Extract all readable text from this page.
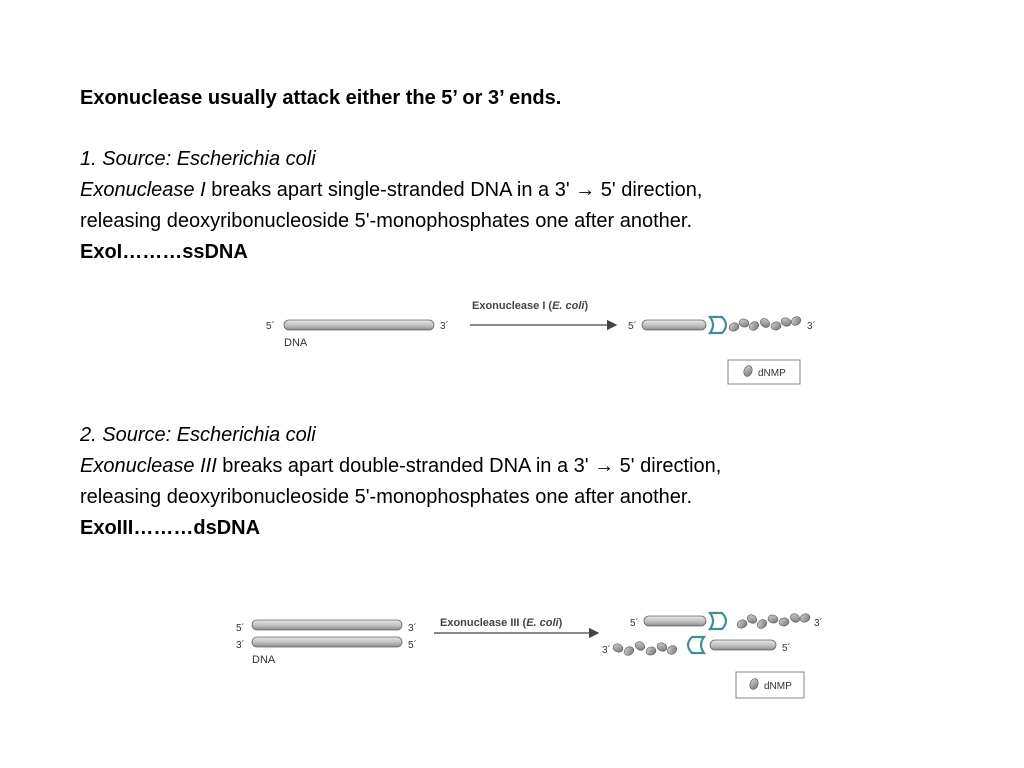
Exonuclease usually attack either the 5’ or 3’ ends.
1. Source: Escherichia coli
Exonuclease I breaks apart single-stranded DNA in a 3' → 5' direction,
releasing deoxyribonucleoside 5'-monophosphates one after another.
ExoI………ssDNA
2. Source: Escherichia coli
Exonuclease III breaks apart double-stranded DNA in a 3' → 5' direction,
releasing deoxyribonucleoside 5'-monophosphates one after another.
ExoIII………dsDNA
5´	3´
DNA
Exonuclease I (E. coli)
5´	3´
dNMP
5´	3´
3´	5´
DNA
Exonuclease III (E. coli)	5´	3´
3´	5´
dNMP
